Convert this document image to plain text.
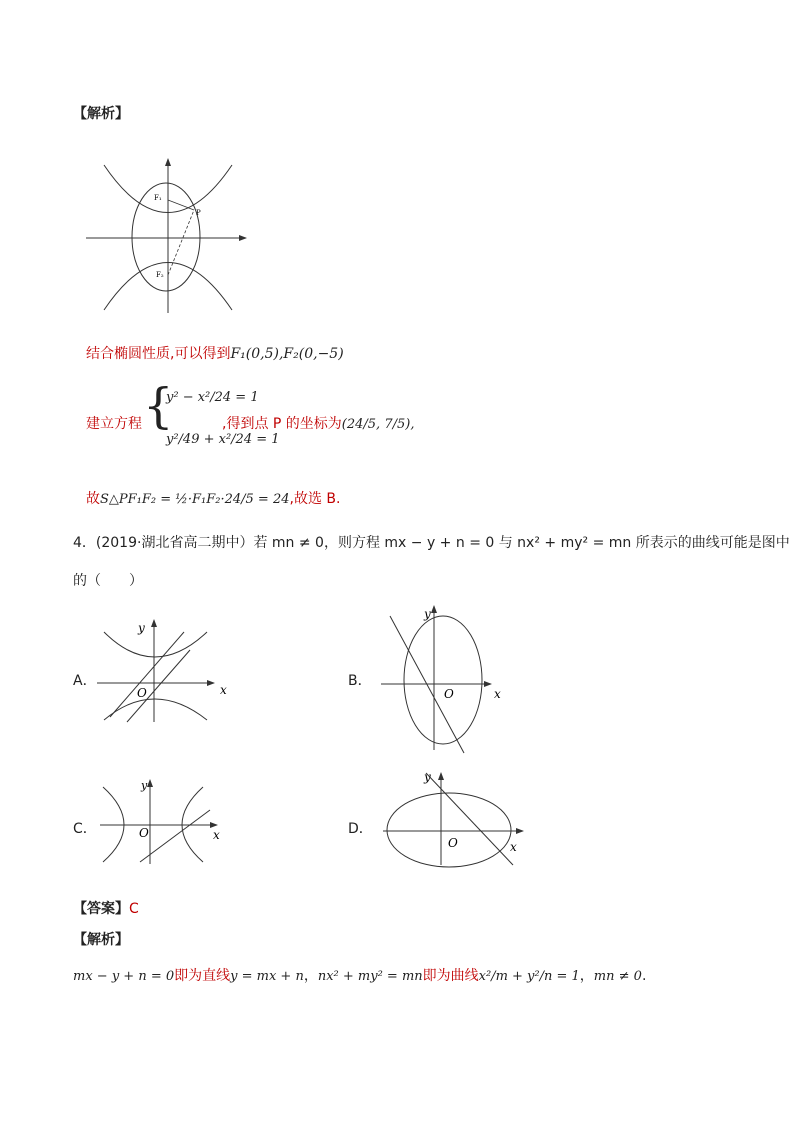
【解析】
F₁
P
F₂
结合椭圆性质,可以得到F₁(0,5),F₂(0,−5)
建立方程 {
y² − x²/24 = 1
y²/49 + x²/24 = 1
,得到点 P 的坐标为(24/5, 7/5),
故S△PF₁F₂ = ½·F₁F₂·24/5 = 24,故选 B.
4．(2019·湖北省高二期中）若 mn ≠ 0，则方程 mx − y + n = 0 与 nx² + my² = mn 所表示的曲线可能是图中
的（　　）
A．
y
O	x
B．
y
O	x
C．
y
O	x	D．
y
O	x
【答案】C
【解析】
mx − y + n = 0即为直线y = mx + n，nx² + my² = mn即为曲线x²/m + y²/n = 1，mn ≠ 0.
